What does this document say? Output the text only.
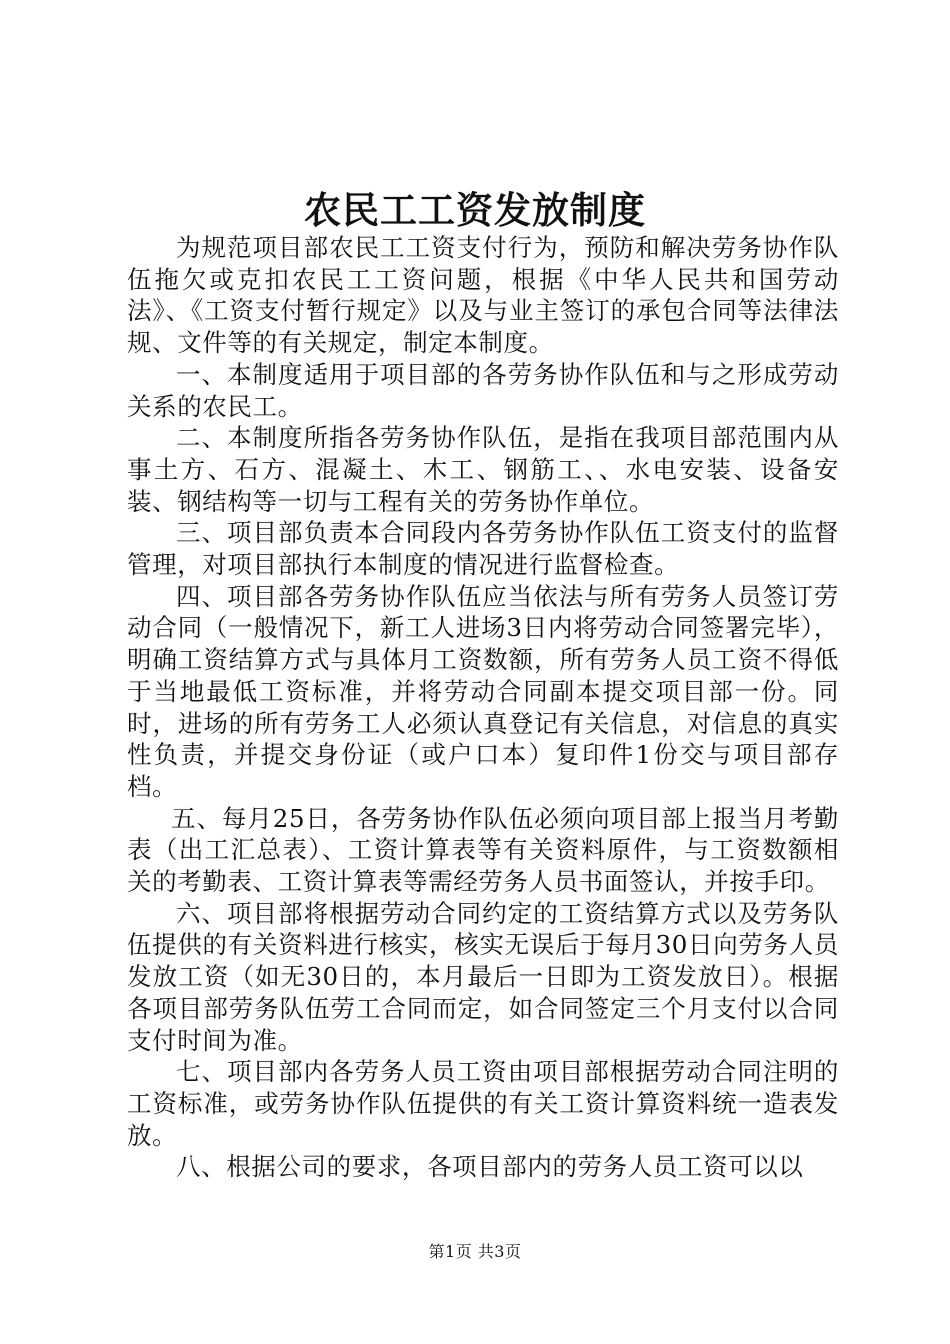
农民工工资发放制度

为规范项目部农民工工资支付行为，预防和解决劳务协作队伍拖欠或克扣农民工工资问题，根据《中华人民共和国劳动法》、《工资支付暂行规定》以及与业主签订的承包合同等法律法规、文件等的有关规定，制定本制度。

一、本制度适用于项目部的各劳务协作队伍和与之形成劳动关系的农民工。

二、本制度所指各劳务协作队伍，是指在我项目部范围内从事土方、石方、混凝土、木工、钢筋工、、水电安装、设备安装、钢结构等一切与工程有关的劳务协作单位。

三、项目部负责本合同段内各劳务协作队伍工资支付的监督管理，对项目部执行本制度的情况进行监督检查。

四、项目部各劳务协作队伍应当依法与所有劳务人员签订劳动合同（一般情况下，新工人进场3日内将劳动合同签署完毕），明确工资结算方式与具体月工资数额，所有劳务人员工资不得低于当地最低工资标准，并将劳动合同副本提交项目部一份。同时，进场的所有劳务工人必须认真登记有关信息，对信息的真实性负责，并提交身份证（或户口本）复印件1份交与项目部存档。

五、每月25日，各劳务协作队伍必须向项目部上报当月考勤表（出工汇总表）、工资计算表等有关资料原件，与工资数额相关的考勤表、工资计算表等需经劳务人员书面签认，并按手印。

六、项目部将根据劳动合同约定的工资结算方式以及劳务队伍提供的有关资料进行核实，核实无误后于每月30日向劳务人员发放工资（如无30日的，本月最后一日即为工资发放日）。根据各项目部劳务队伍劳工合同而定，如合同签定三个月支付以合同支付时间为准。

七、项目部内各劳务人员工资由项目部根据劳动合同注明的工资标准，或劳务协作队伍提供的有关工资计算资料统一造表发放。

八、根据公司的要求，各项目部内的劳务人员工资可以以

第1页 共3页
